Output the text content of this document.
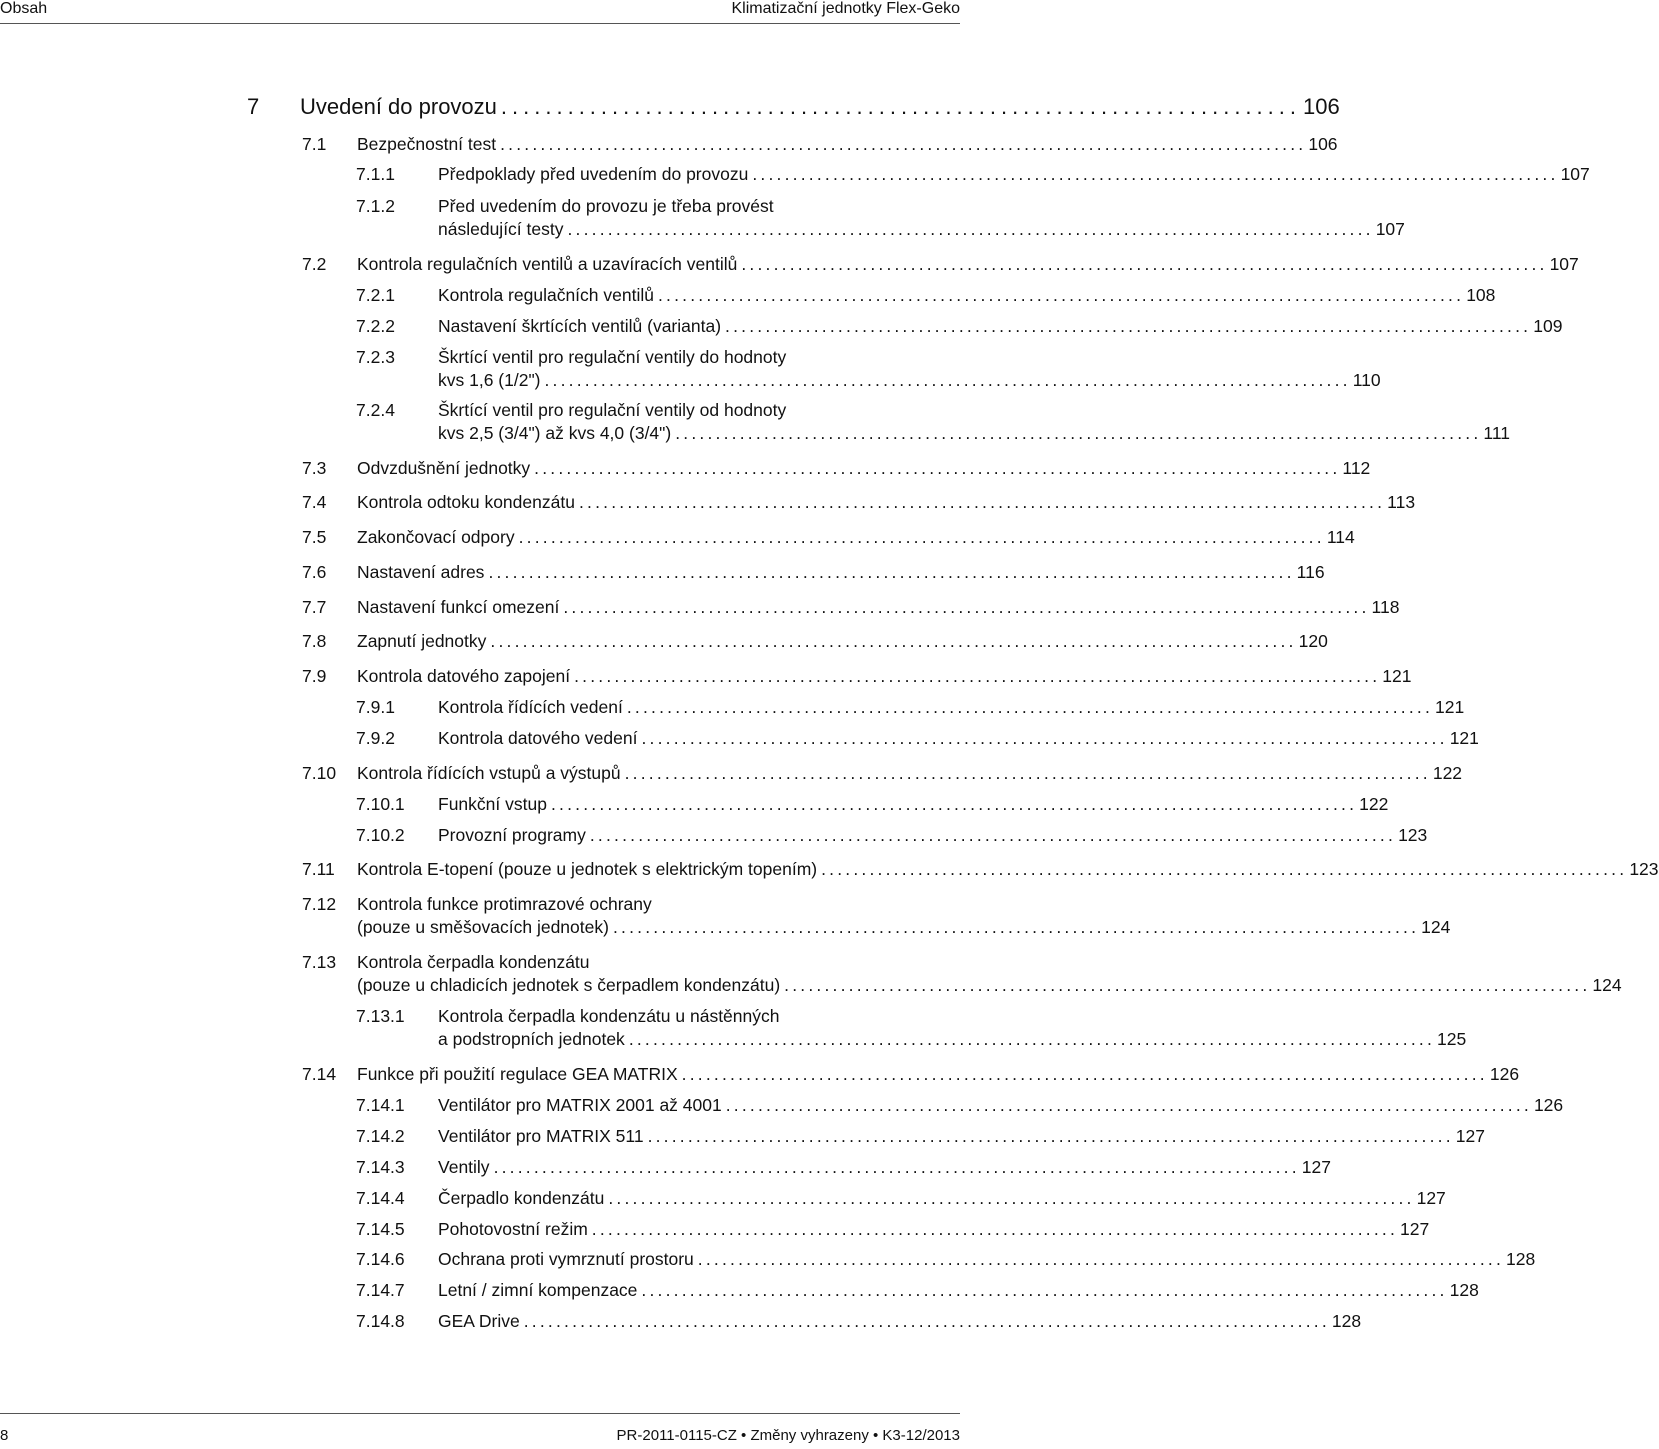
Obsah	Klimatizační jednotky Flex-Geko
7 Uvedení do provozu ........................................................................ 106
7.1 Bezpečnostní test .................................................................................................... 106
7.1.1 Předpoklady před uvedením do provozu .................................................................................................... 107
7.1.2 Před uvedením do provozu je třeba provést
následující testy .................................................................................................... 107
7.2 Kontrola regulačních ventilů a uzavíracích ventilů .................................................................................................... 107
7.2.1 Kontrola regulačních ventilů .................................................................................................... 108
7.2.2 Nastavení škrtících ventilů (varianta) .................................................................................................... 109
7.2.3 Škrtící ventil pro regulační ventily do hodnoty
kvs 1,6 (1/2") .................................................................................................... 110
7.2.4 Škrtící ventil pro regulační ventily od hodnoty
kvs 2,5 (3/4") až kvs 4,0 (3/4") .................................................................................................... 111
7.3 Odvzdušnění jednotky .................................................................................................... 112
7.4 Kontrola odtoku kondenzátu .................................................................................................... 113
7.5 Zakončovací odpory .................................................................................................... 114
7.6 Nastavení adres .................................................................................................... 116
7.7 Nastavení funkcí omezení .................................................................................................... 118
7.8 Zapnutí jednotky .................................................................................................... 120
7.9 Kontrola datového zapojení .................................................................................................... 121
7.9.1 Kontrola řídících vedení .................................................................................................... 121
7.9.2 Kontrola datového vedení .................................................................................................... 121
7.10 Kontrola řídících vstupů a výstupů .................................................................................................... 122
7.10.1 Funkční vstup .................................................................................................... 122
7.10.2 Provozní programy .................................................................................................... 123
7.11 Kontrola E-topení (pouze u jednotek s elektrickým topením) .................................................................................................... 123
7.12 Kontrola funkce protimrazové ochrany
(pouze u směšovacích jednotek) .................................................................................................... 124
7.13 Kontrola čerpadla kondenzátu
(pouze u chladicích jednotek s čerpadlem kondenzátu) .................................................................................................... 124
7.13.1 Kontrola čerpadla kondenzátu u nástěnných
a podstropních jednotek .................................................................................................... 125
7.14 Funkce při použití regulace GEA MATRIX .................................................................................................... 126
7.14.1 Ventilátor pro MATRIX 2001 až 4001 .................................................................................................... 126
7.14.2 Ventilátor pro MATRIX 511 .................................................................................................... 127
7.14.3 Ventily .................................................................................................... 127
7.14.4 Čerpadlo kondenzátu .................................................................................................... 127
7.14.5 Pohotovostní režim .................................................................................................... 127
7.14.6 Ochrana proti vymrznutí prostoru .................................................................................................... 128
7.14.7 Letní / zimní kompenzace .................................................................................................... 128
7.14.8 GEA Drive .................................................................................................... 128
8	PR-2011-0115-CZ • Změny vyhrazeny • K3-12/2013
